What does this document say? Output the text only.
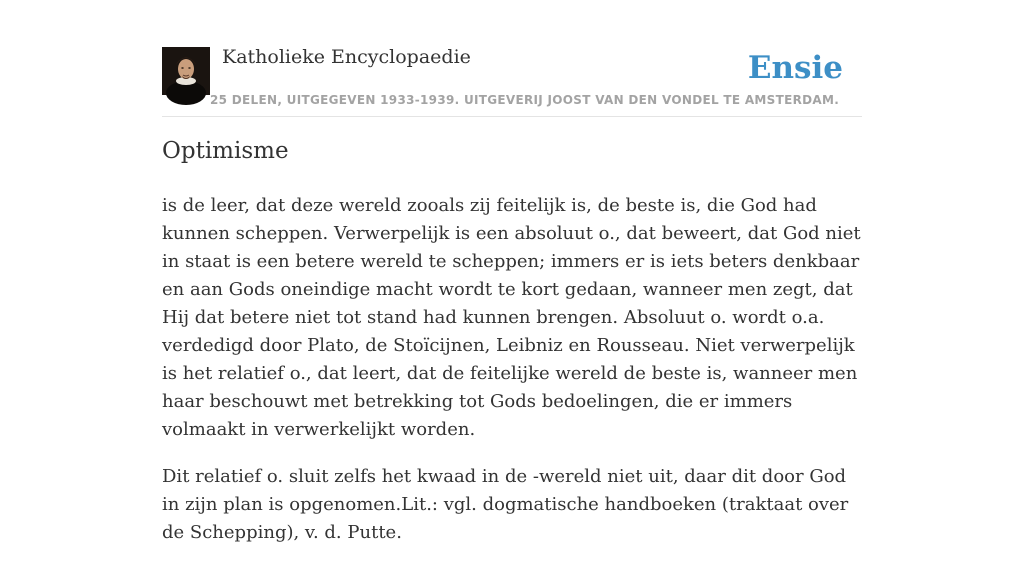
Katholieke Encyclopaedie
25 DELEN, UITGEGEVEN 1933-1939. UITGEVERIJ JOOST VAN DEN VONDEL TE AMSTERDAM.
Ensie
Optimisme

is de leer, dat deze wereld zooals zij feitelijk is, de beste is, die God had kunnen scheppen. Verwerpelijk is een absoluut o., dat beweert, dat God niet in staat is een betere wereld te scheppen; immers er is iets beters denkbaar en aan Gods oneindige macht wordt te kort gedaan, wanneer men zegt, dat Hij dat betere niet tot stand had kunnen brengen. Absoluut o. wordt o.a. verdedigd door Plato, de Stoïcijnen, Leibniz en Rousseau. Niet verwerpelijk is het relatief o., dat leert, dat de feitelijke wereld de beste is, wanneer men haar beschouwt met betrekking tot Gods bedoelingen, die er immers volmaakt in verwerkelijkt worden.

Dit relatief o. sluit zelfs het kwaad in de -wereld niet uit, daar dit door God in zijn plan is opgenomen.Lit.: vgl. dogmatische handboeken (traktaat over de Schepping), v. d. Putte.
